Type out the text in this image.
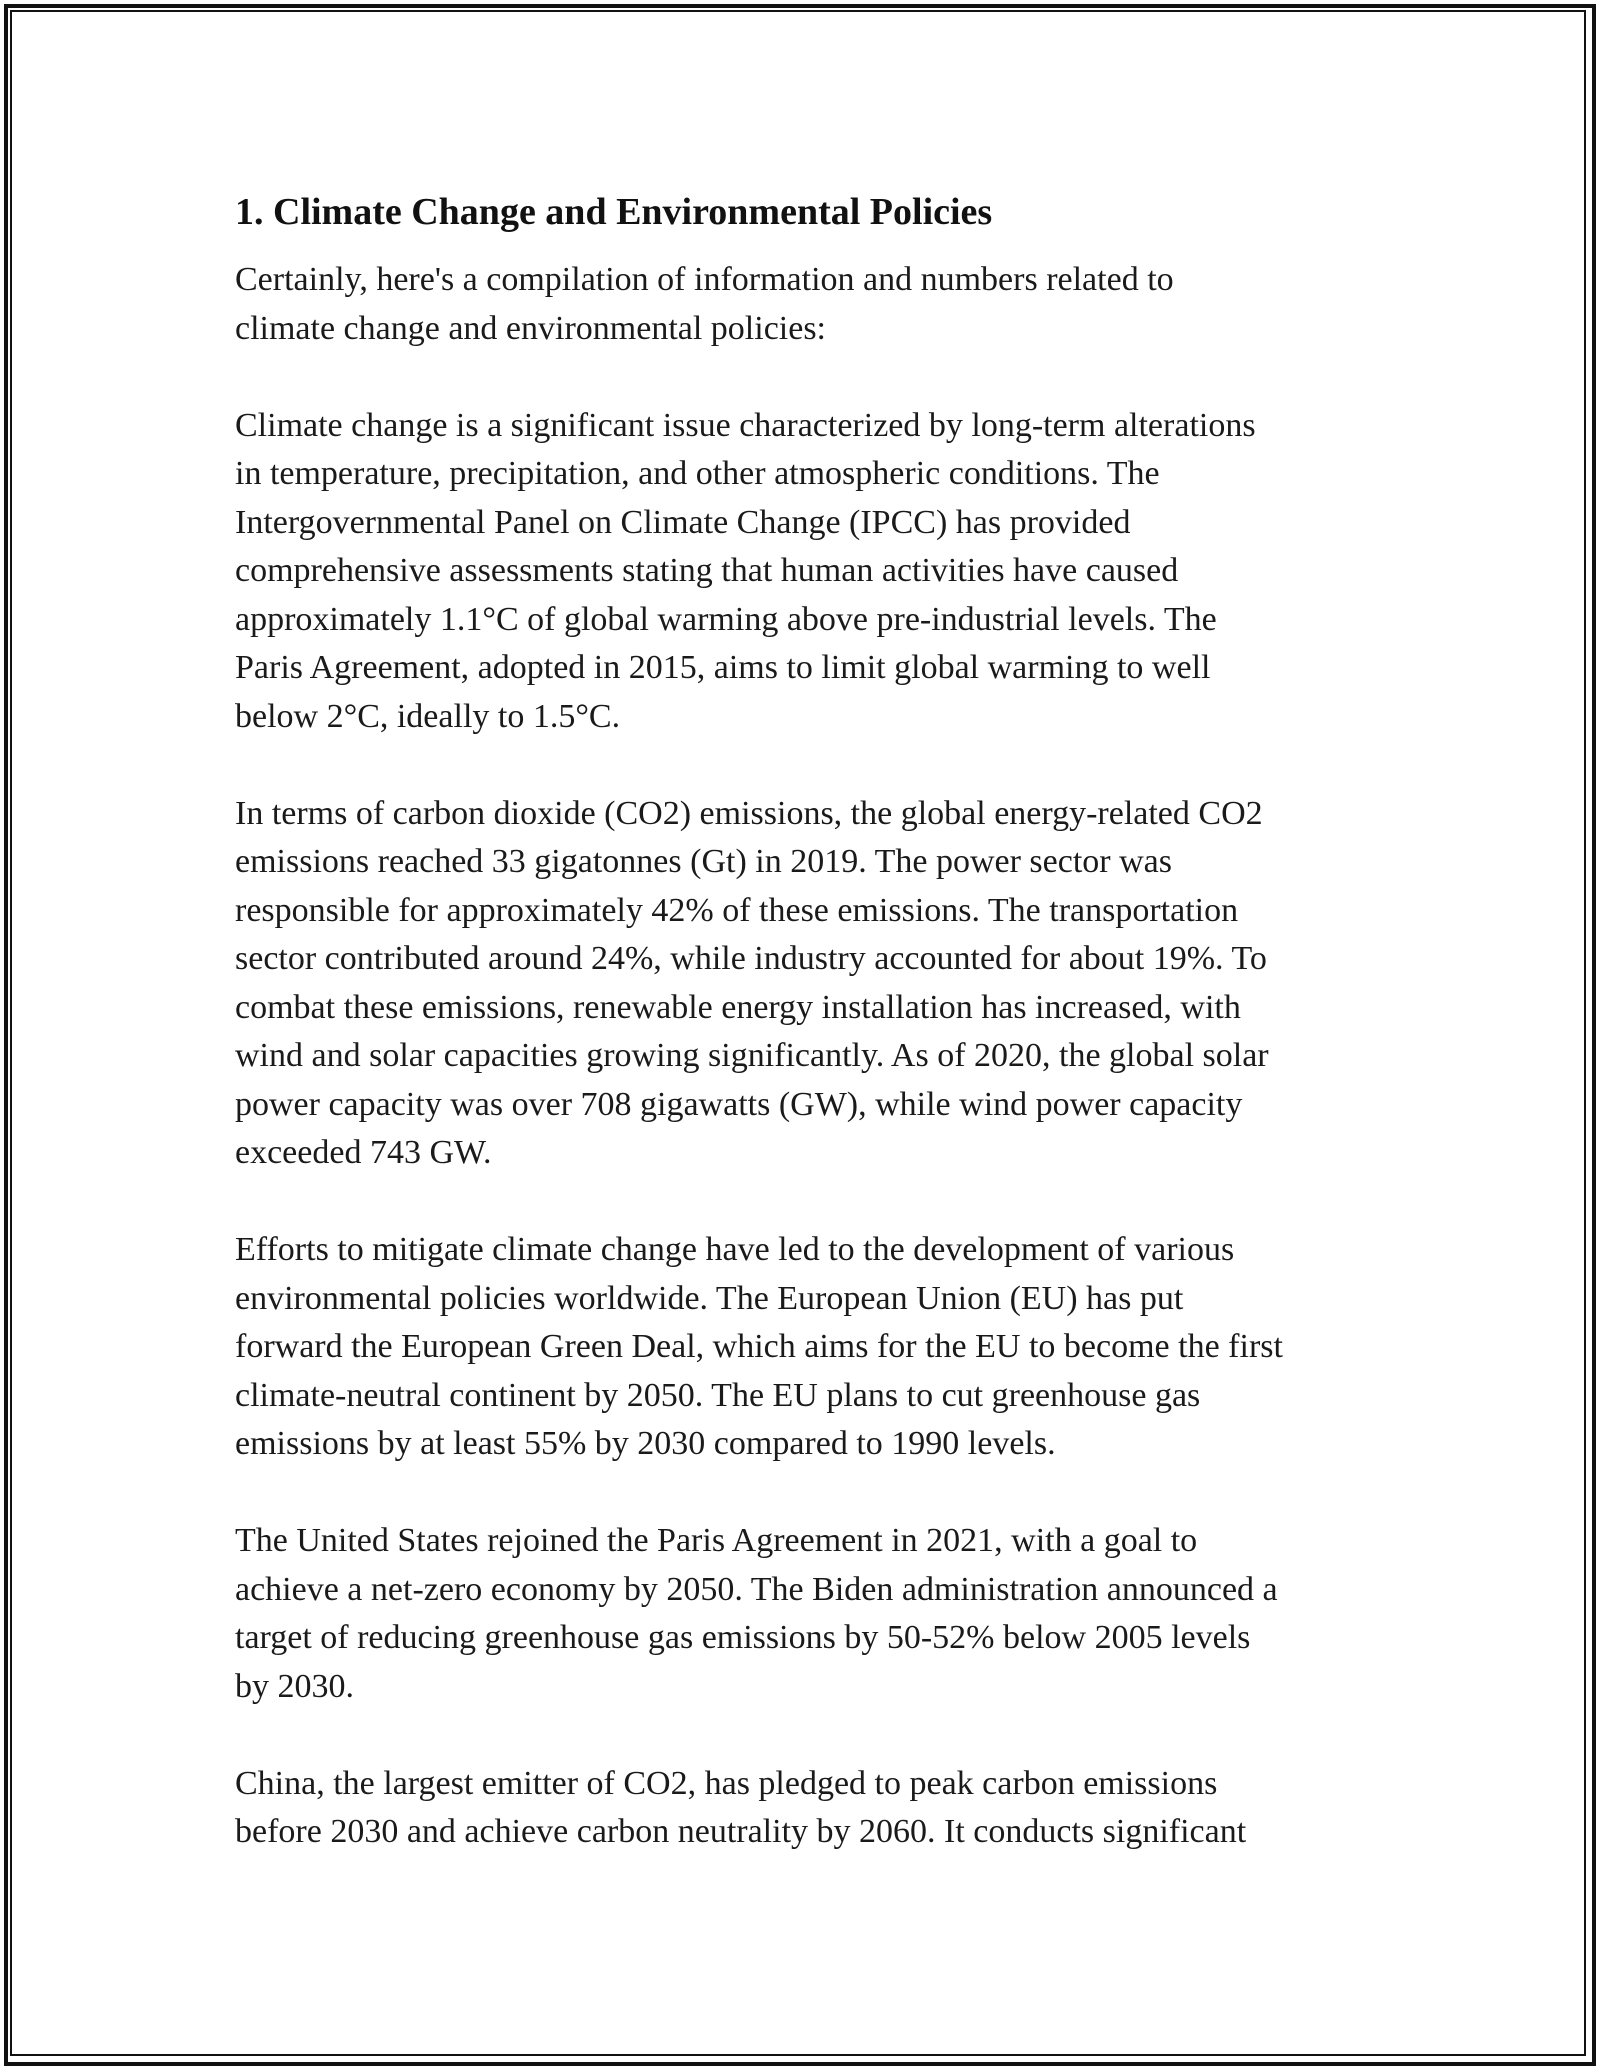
1. Climate Change and Environmental Policies
Certainly, here's a compilation of information and numbers related to
climate change and environmental policies:
Climate change is a significant issue characterized by long-term alterations
in temperature, precipitation, and other atmospheric conditions. The
Intergovernmental Panel on Climate Change (IPCC) has provided
comprehensive assessments stating that human activities have caused
approximately 1.1°C of global warming above pre-industrial levels. The
Paris Agreement, adopted in 2015, aims to limit global warming to well
below 2°C, ideally to 1.5°C.
In terms of carbon dioxide (CO2) emissions, the global energy-related CO2
emissions reached 33 gigatonnes (Gt) in 2019. The power sector was
responsible for approximately 42% of these emissions. The transportation
sector contributed around 24%, while industry accounted for about 19%. To
combat these emissions, renewable energy installation has increased, with
wind and solar capacities growing significantly. As of 2020, the global solar
power capacity was over 708 gigawatts (GW), while wind power capacity
exceeded 743 GW.
Efforts to mitigate climate change have led to the development of various
environmental policies worldwide. The European Union (EU) has put
forward the European Green Deal, which aims for the EU to become the first
climate-neutral continent by 2050. The EU plans to cut greenhouse gas
emissions by at least 55% by 2030 compared to 1990 levels.
The United States rejoined the Paris Agreement in 2021, with a goal to
achieve a net-zero economy by 2050. The Biden administration announced a
target of reducing greenhouse gas emissions by 50-52% below 2005 levels
by 2030.
China, the largest emitter of CO2, has pledged to peak carbon emissions
before 2030 and achieve carbon neutrality by 2060. It conducts significant
